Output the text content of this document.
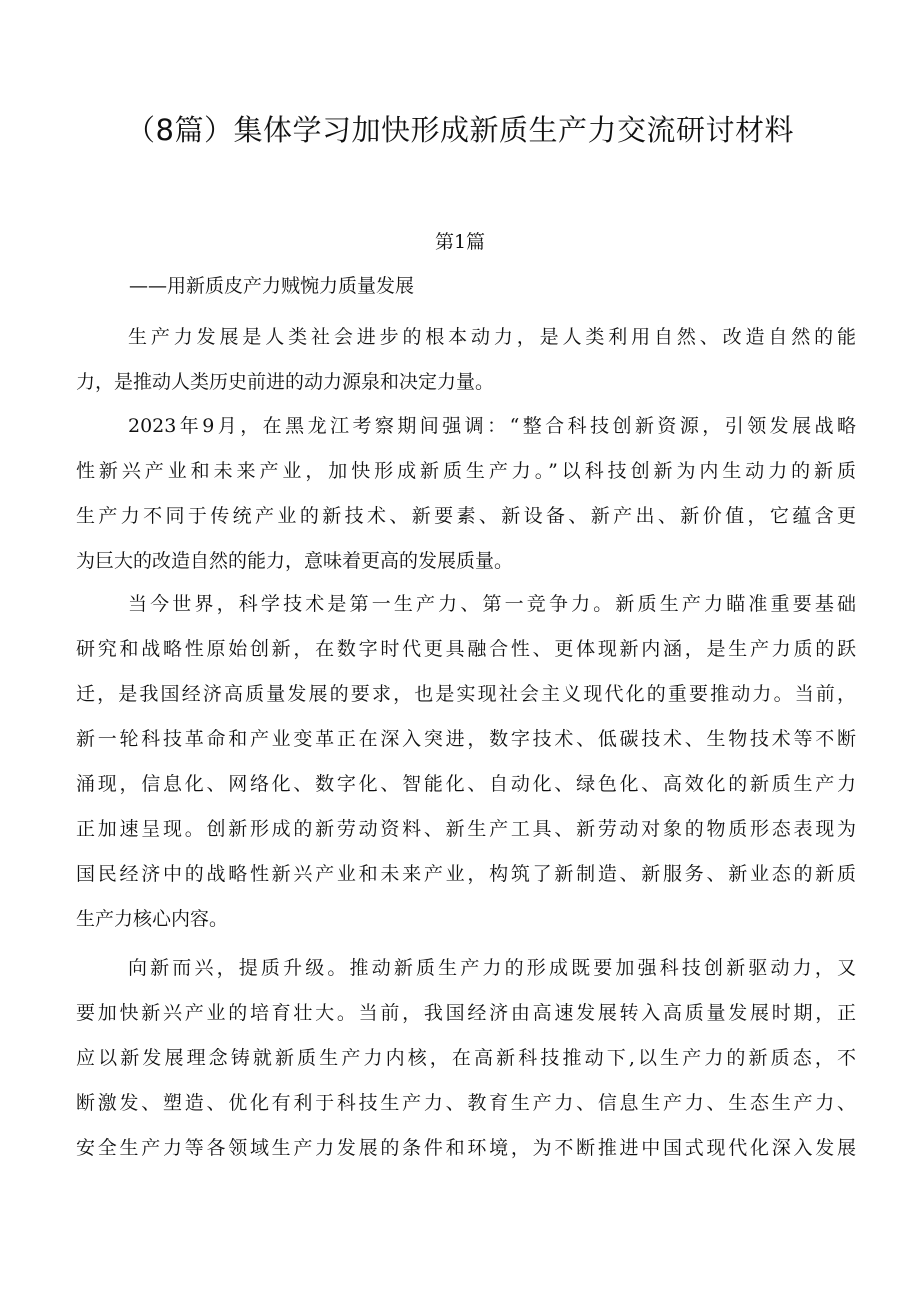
（8篇）集体学习加快形成新质生产力交流研讨材料
第1篇
——用新质皮产力贼惋力质量发展
生产力发展是人类社会进步的根本动力，是人类利用自然、改造自然的能
力，是推动人类历史前进的动力源泉和决定力量。
2023年9月，在黑龙江考察期间强调：“整合科技创新资源，引领发展战略
性新兴产业和未来产业，加快形成新质生产力。”以科技创新为内生动力的新质
生产力不同于传统产业的新技术、新要素、新设备、新产出、新价值，它蕴含更
为巨大的改造自然的能力，意味着更高的发展质量。
当今世界，科学技术是第一生产力、第一竞争力。新质生产力瞄准重要基础
研究和战略性原始创新，在数字时代更具融合性、更体现新内涵，是生产力质的跃
迁，是我国经济高质量发展的要求，也是实现社会主义现代化的重要推动力。当前，
新一轮科技革命和产业变革正在深入突进，数字技术、低碳技术、生物技术等不断
涌现，信息化、网络化、数字化、智能化、自动化、绿色化、高效化的新质生产力
正加速呈现。创新形成的新劳动资料、新生产工具、新劳动对象的物质形态表现为
国民经济中的战略性新兴产业和未来产业，构筑了新制造、新服务、新业态的新质
生产力核心内容。
向新而兴，提质升级。推动新质生产力的形成既要加强科技创新驱动力，又
要加快新兴产业的培育壮大。当前，我国经济由高速发展转入高质量发展时期，正
应以新发展理念铸就新质生产力内核，在高新科技推动下,以生产力的新质态，不
断激发、塑造、优化有利于科技生产力、教育生产力、信息生产力、生态生产力、
安全生产力等各领域生产力发展的条件和环境，为不断推进中国式现代化深入发展
